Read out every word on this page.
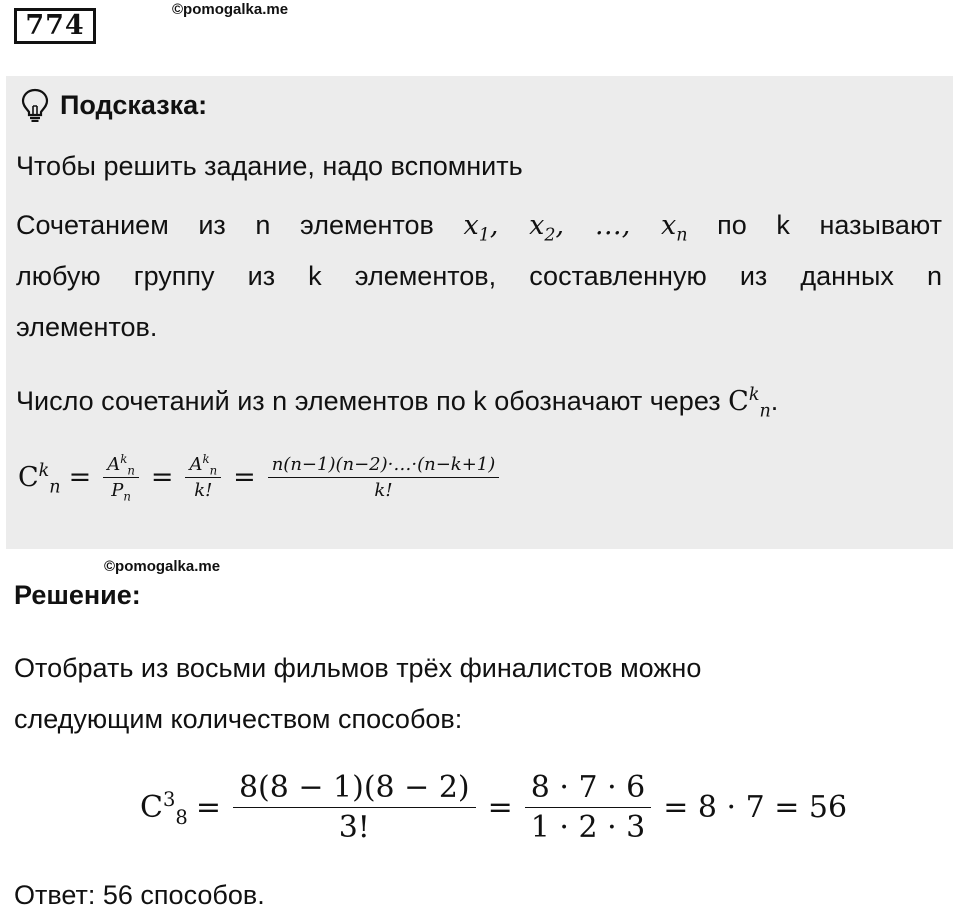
774
©pomogalka.me
Подсказка:
Чтобы решить задание, надо вспомнить
Сочетанием из n элементов $x_1$, $x_2$, …, $x_n$ по k называют
любую группу из k элементов, составленную из данных n
элементов.
Число сочетаний из n элементов по k обозначают через $C^k_n$.
$C^k_n = \frac{A^k_n}{P_n} = \frac{A^k_n}{k!} = \frac{n(n-1)(n-2)\cdot\dots\cdot(n-k+1)}{k!}$
©pomogalka.me
Решение:
Отобрать из восьми фильмов трёх финалистов можно
следующим количеством способов:
$C^3_8 = \frac{8(8 - 1)(8 - 2)}{3!} = \frac{8 \cdot 7 \cdot 6}{1 \cdot 2 \cdot 3} = 8 \cdot 7 = 56$
Ответ: 56 способов.
